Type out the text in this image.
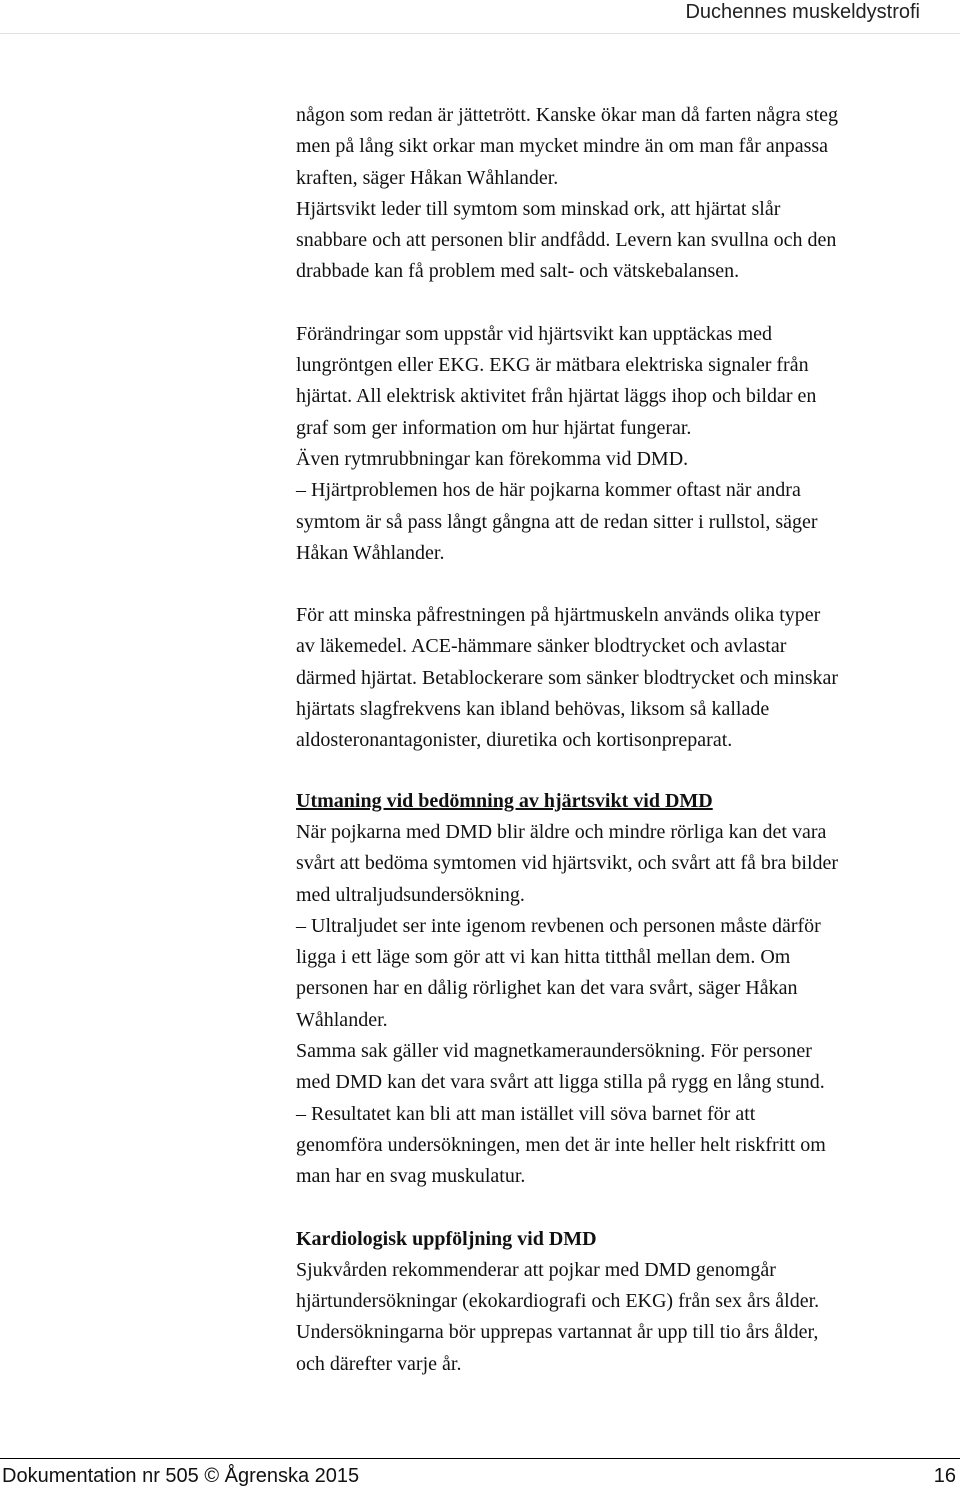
Duchennes muskeldystrofi

någon som redan är jättetrött. Kanske ökar man då farten några steg

men på lång sikt orkar man mycket mindre än om man får anpassa

kraften, säger Håkan Wåhlander.

Hjärtsvikt leder till symtom som minskad ork, att hjärtat slår

snabbare och att personen blir andfådd. Levern kan svullna och den

drabbade kan få problem med salt- och vätskebalansen.

Förändringar som uppstår vid hjärtsvikt kan upptäckas med

lungröntgen eller EKG. EKG är mätbara elektriska signaler från

hjärtat. All elektrisk aktivitet från hjärtat läggs ihop och bildar en

graf som ger information om hur hjärtat fungerar.

Även rytmrubbningar kan förekomma vid DMD.

– Hjärtproblemen hos de här pojkarna kommer oftast när andra

symtom är så pass långt gångna att de redan sitter i rullstol, säger

Håkan Wåhlander.

För att minska påfrestningen på hjärtmuskeln används olika typer

av läkemedel. ACE-hämmare sänker blodtrycket och avlastar

därmed hjärtat. Betablockerare som sänker blodtrycket och minskar

hjärtats slagfrekvens kan ibland behövas, liksom så kallade

aldosteronantagonister, diuretika och kortisonpreparat.

Utmaning vid bedömning av hjärtsvikt vid DMD

När pojkarna med DMD blir äldre och mindre rörliga kan det vara

svårt att bedöma symtomen vid hjärtsvikt, och svårt att få bra bilder

med ultraljudsundersökning.

– Ultraljudet ser inte igenom revbenen och personen måste därför

ligga i ett läge som gör att vi kan hitta titthål mellan dem. Om

personen har en dålig rörlighet kan det vara svårt, säger Håkan

Wåhlander.

Samma sak gäller vid magnetkameraundersökning. För personer

med DMD kan det vara svårt att ligga stilla på rygg en lång stund.

– Resultatet kan bli att man istället vill söva barnet för att

genomföra undersökningen, men det är inte heller helt riskfritt om

man har en svag muskulatur.

Kardiologisk uppföljning vid DMD

Sjukvården rekommenderar att pojkar med DMD genomgår

hjärtundersökningar (ekokardiografi och EKG) från sex års ålder.

Undersökningarna bör upprepas vartannat år upp till tio års ålder,

och därefter varje år.

Dokumentation nr 505 © Ågrenska 2015	16
